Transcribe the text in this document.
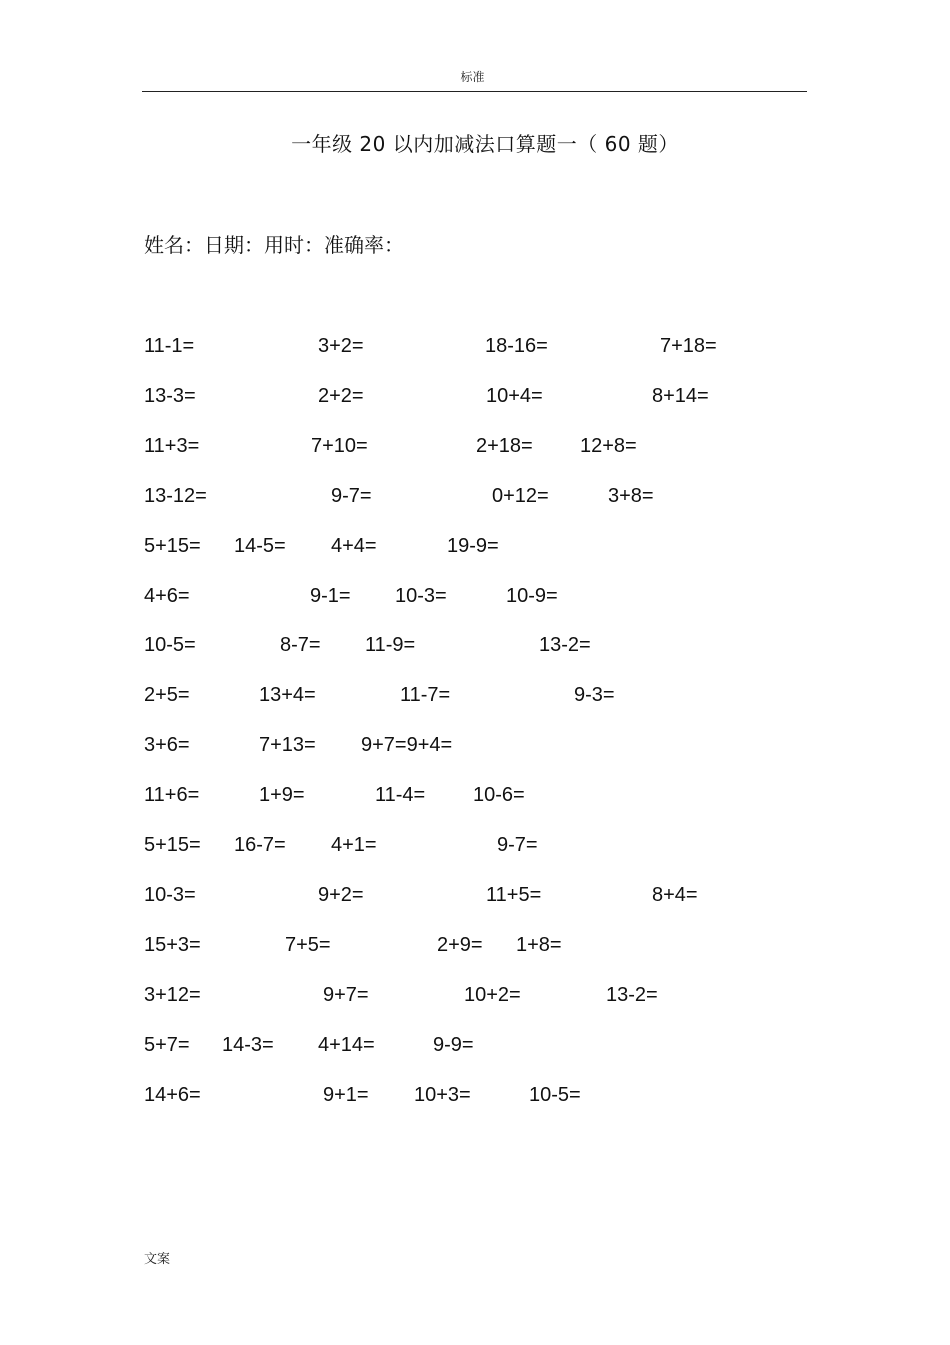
标准
一年级 20 以内加减法口算题一（ 60 题）
姓名：日期：用时：准确率：
11-1=	3+2=	18-16=	7+18=
13-3=	2+2=	10+4=	8+14=
11+3=	7+10=	2+18= 12+8=
13-12=	9-7=	0+12=	3+8=
5+15= 14-5= 4+4=	19-9=
4+6=	9-1= 10-3=	10-9=
10-5=	8-7= 11-9=	13-2=
2+5=	13+4=	11-7=	9-3=
3+6=	7+13= 9+7=9+4=
11+6=	1+9=	11-4= 10-6=
5+15= 16-7= 4+1=	9-7=
10-3=	9+2=	11+5=	8+4=
15+3=	7+5=	2+9= 1+8=
3+12=	9+7=	10+2=	13-2=
5+7= 14-3= 4+14=	9-9=
14+6=	9+1= 10+3=	10-5=
文案
